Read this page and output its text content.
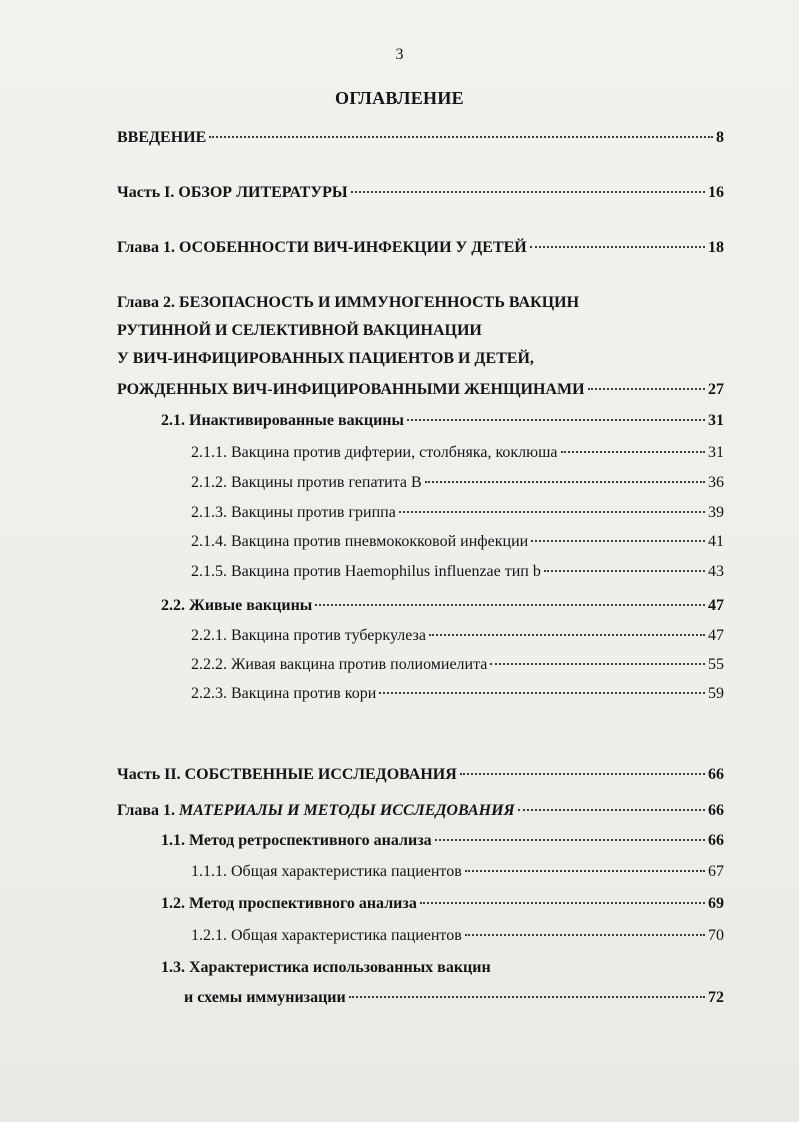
3
ОГЛАВЛЕНИЕ
ВВЕДЕНИЕ	8
Часть I. ОБЗОР ЛИТЕРАТУРЫ	16
Глава 1. ОСОБЕННОСТИ ВИЧ-ИНФЕКЦИИ У ДЕТЕЙ	18
Глава 2. БЕЗОПАСНОСТЬ И ИММУНОГЕННОСТЬ ВАКЦИН
РУТИННОЙ И СЕЛЕКТИВНОЙ ВАКЦИНАЦИИ
У ВИЧ-ИНФИЦИРОВАННЫХ ПАЦИЕНТОВ И ДЕТЕЙ,
РОЖДЕННЫХ ВИЧ-ИНФИЦИРОВАННЫМИ ЖЕНЩИНАМИ	27
2.1. Инактивированные вакцины	31
2.1.1. Вакцина против дифтерии, столбняка, коклюша	31
2.1.2. Вакцины против гепатита В	36
2.1.3. Вакцины против гриппа	39
2.1.4. Вакцина против пневмококковой инфекции	41
2.1.5. Вакцина против Haemophilus influenzae тип b	43
2.2. Живые вакцины	47
2.2.1. Вакцина против туберкулеза	47
2.2.2. Живая вакцина против полиомиелита	55
2.2.3. Вакцина против кори	59
Часть II. СОБСТВЕННЫЕ ИССЛЕДОВАНИЯ	66
Глава 1. МАТЕРИАЛЫ И МЕТОДЫ ИССЛЕДОВАНИЯ	66
1.1. Метод ретроспективного анализа	66
1.1.1. Общая характеристика пациентов	67
1.2. Метод проспективного анализа	69
1.2.1. Общая характеристика пациентов	70
1.3. Характеристика использованных вакцин
и схемы иммунизации	72
